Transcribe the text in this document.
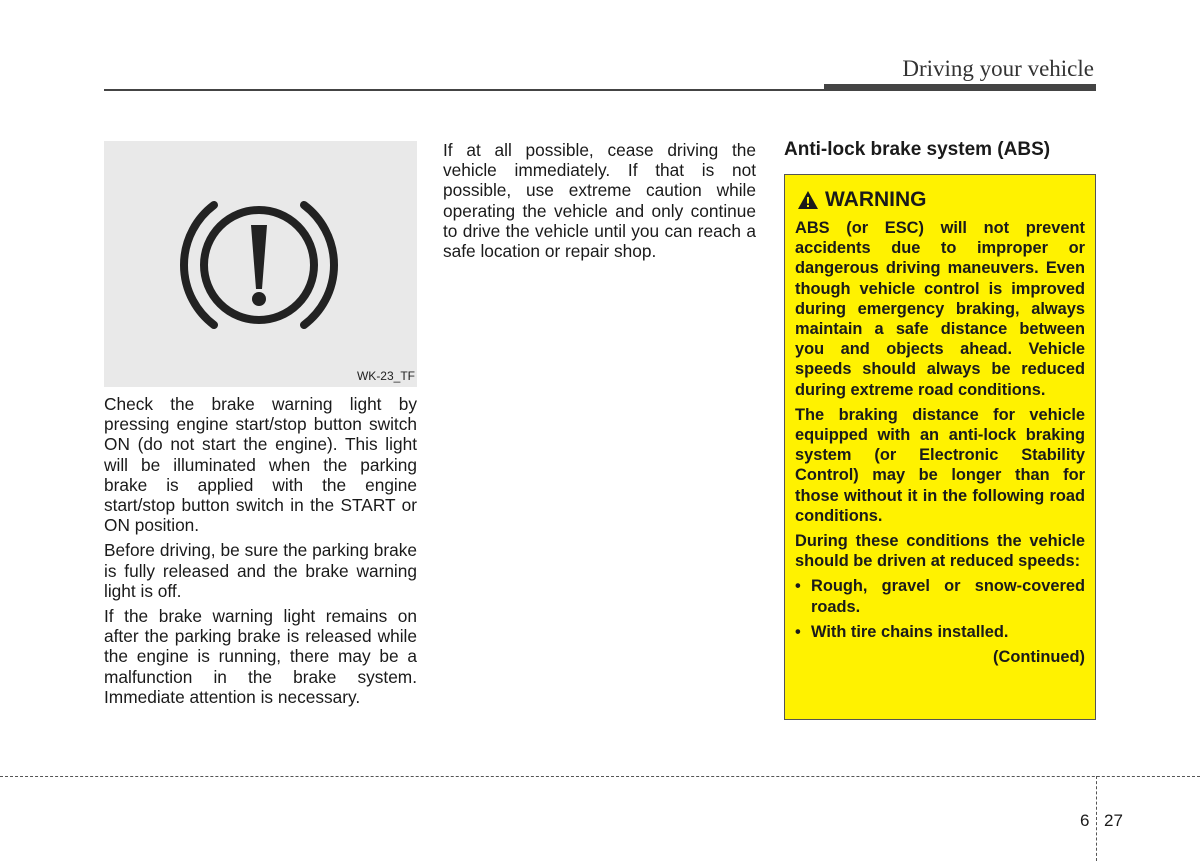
Driving your vehicle
WK-23_TF

Check the brake warning light by pressing engine start/stop button switch ON (do not start the engine). This light will be illuminated when the parking brake is applied with the engine start/stop button switch in the START or ON position.

Before driving, be sure the parking brake is fully released and the brake warning light is off.

If the brake warning light remains on after the parking brake is released while the engine is running, there may be a malfunction in the brake system. Immediate attention is necessary.

If at all possible, cease driving the vehicle immediately. If that is not possible, use extreme caution while operating the vehicle and only continue to drive the vehicle until you can reach a safe location or repair shop.

Anti-lock brake system (ABS)
WARNING

ABS (or ESC) will not prevent accidents due to improper or dangerous driving maneuvers. Even though vehicle control is improved during emergency braking, always maintain a safe distance between you and objects ahead. Vehicle speeds should always be reduced during extreme road conditions.

The braking distance for vehicle equipped with an anti-lock braking system (or Electronic Stability Control) may be longer than for those without it in the following road conditions.

During these conditions the vehicle should be driven at reduced speeds:

• Rough, gravel or snow-covered roads.
• With tire chains installed.

(Continued)

6 27
